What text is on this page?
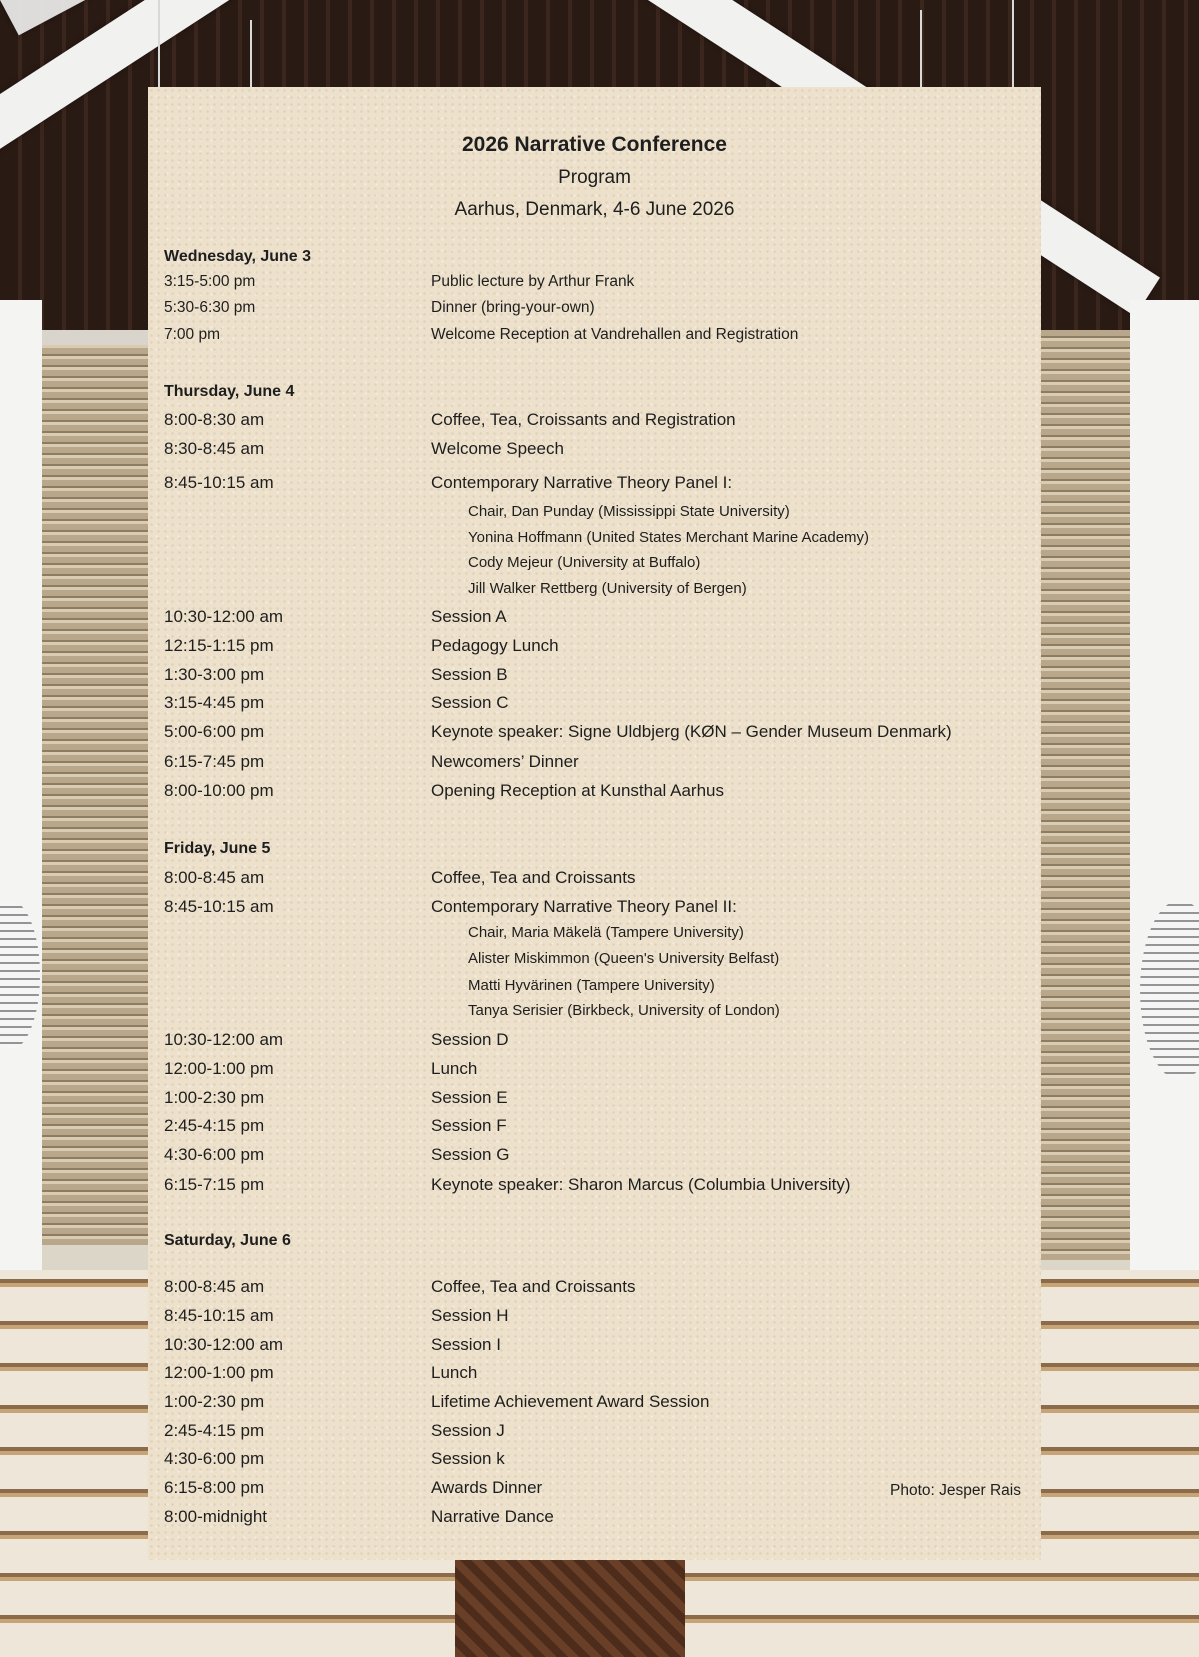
2026 Narrative Conference
Program
Aarhus, Denmark, 4-6 June 2026
Wednesday, June 3
3:15-5:00 pm	Public lecture by Arthur Frank
5:30-6:30 pm	Dinner (bring-your-own)
7:00 pm	Welcome Reception at Vandrehallen and Registration
Thursday, June 4
8:00-8:30 am	Coffee, Tea, Croissants and Registration
8:30-8:45 am	Welcome Speech
8:45-10:15 am	Contemporary Narrative Theory Panel I:
Chair, Dan Punday (Mississippi State University)
Yonina Hoffmann (United States Merchant Marine Academy)
Cody Mejeur (University at Buffalo)
Jill Walker Rettberg (University of Bergen)
10:30-12:00 am	Session A
12:15-1:15 pm	Pedagogy Lunch
1:30-3:00 pm	Session B
3:15-4:45 pm	Session C
5:00-6:00 pm	Keynote speaker: Signe Uldbjerg (KØN – Gender Museum Denmark)
6:15-7:45 pm	Newcomers’ Dinner
8:00-10:00 pm	Opening Reception at Kunsthal Aarhus
Friday, June 5
8:00-8:45 am	Coffee, Tea and Croissants
8:45-10:15 am	Contemporary Narrative Theory Panel II:
Chair, Maria Mäkelä (Tampere University)
Alister Miskimmon (Queen's University Belfast)
Matti Hyvärinen (Tampere University)
Tanya Serisier (Birkbeck, University of London)
10:30-12:00 am	Session D
12:00-1:00 pm	Lunch
1:00-2:30 pm	Session E
2:45-4:15 pm	Session F
4:30-6:00 pm	Session G
6:15-7:15 pm	Keynote speaker: Sharon Marcus (Columbia University)
Saturday, June 6
8:00-8:45 am	Coffee, Tea and Croissants
8:45-10:15 am	Session H
10:30-12:00 am	Session I
12:00-1:00 pm	Lunch
1:00-2:30 pm	Lifetime Achievement Award Session
2:45-4:15 pm	Session J
4:30-6:00 pm	Session k
6:15-8:00 pm	Awards Dinner
8:00-midnight	Narrative Dance
Photo: Jesper Rais
